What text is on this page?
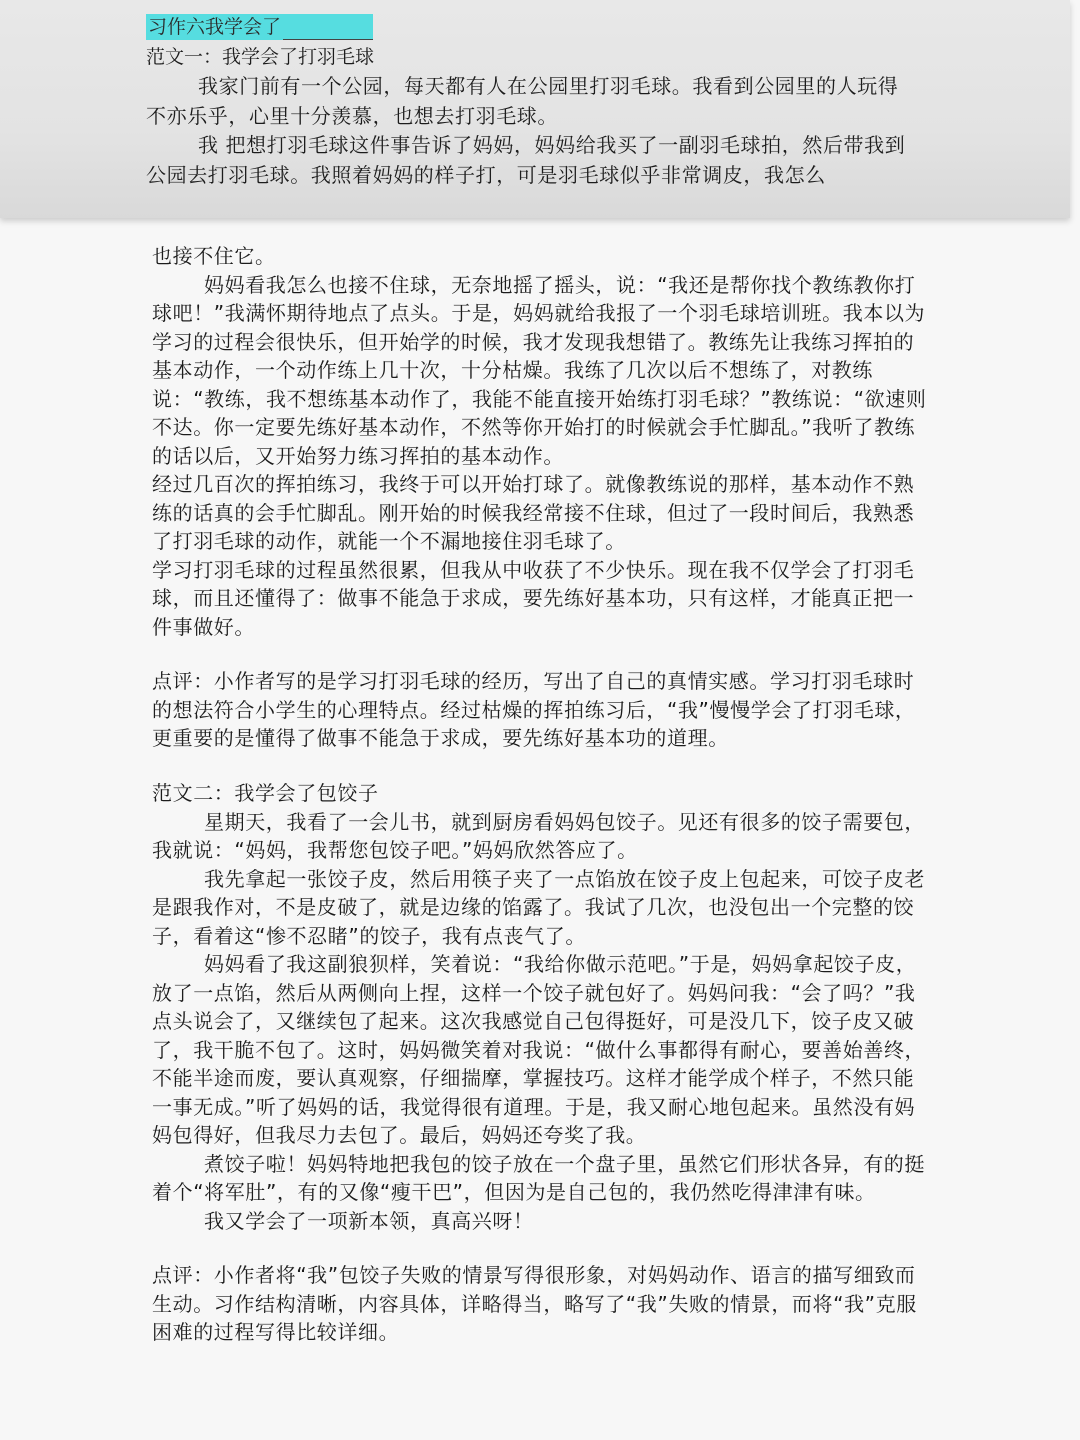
习作六我学会了
范文一：我学会了打羽毛球

我家门前有一个公园，每天都有人在公园里打羽毛球。我看到公园里的人玩得不亦乐乎，心里十分羡慕，也想去打羽毛球。

我 把想打羽毛球这件事告诉了妈妈，妈妈给我买了一副羽毛球拍，然后带我到公园去打羽毛球。我照着妈妈的样子打，可是羽毛球似乎非常调皮，我怎么

也接不住它。

妈妈看我怎么也接不住球，无奈地摇了摇头，说：“我还是帮你找个教练教你打球吧！”我满怀期待地点了点头。于是，妈妈就给我报了一个羽毛球培训班。我本以为学习的过程会很快乐，但开始学的时候，我才发现我想错了。教练先让我练习挥拍的基本动作，一个动作练上几十次，十分枯燥。我练了几次以后不想练了，对教练说：“教练，我不想练基本动作了，我能不能直接开始练打羽毛球？”教练说：“欲速则不达。你一定要先练好基本动作，不然等你开始打的时候就会手忙脚乱。”我听了教练的话以后，又开始努力练习挥拍的基本动作。

经过几百次的挥拍练习，我终于可以开始打球了。就像教练说的那样，基本动作不熟练的话真的会手忙脚乱。刚开始的时候我经常接不住球，但过了一段时间后，我熟悉了打羽毛球的动作，就能一个不漏地接住羽毛球了。

学习打羽毛球的过程虽然很累，但我从中收获了不少快乐。现在我不仅学会了打羽毛球，而且还懂得了：做事不能急于求成，要先练好基本功，只有这样，才能真正把一件事做好。

点评：小作者写的是学习打羽毛球的经历，写出了自己的真情实感。学习打羽毛球时的想法符合小学生的心理特点。经过枯燥的挥拍练习后，“我”慢慢学会了打羽毛球，更重要的是懂得了做事不能急于求成，要先练好基本功的道理。

范文二：我学会了包饺子

星期天，我看了一会儿书，就到厨房看妈妈包饺子。见还有很多的饺子需要包，我就说：“妈妈，我帮您包饺子吧。”妈妈欣然答应了。

我先拿起一张饺子皮，然后用筷子夹了一点馅放在饺子皮上包起来，可饺子皮老是跟我作对，不是皮破了，就是边缘的馅露了。我试了几次，也没包出一个完整的饺子，看着这“惨不忍睹”的饺子，我有点丧气了。

妈妈看了我这副狼狈样，笑着说：“我给你做示范吧。”于是，妈妈拿起饺子皮，放了一点馅，然后从两侧向上捏，这样一个饺子就包好了。妈妈问我：“会了吗？”我点头说会了，又继续包了起来。这次我感觉自己包得挺好，可是没几下，饺子皮又破了，我干脆不包了。这时，妈妈微笑着对我说：“做什么事都得有耐心，要善始善终，不能半途而废，要认真观察，仔细揣摩，掌握技巧。这样才能学成个样子，不然只能一事无成。”听了妈妈的话，我觉得很有道理。于是，我又耐心地包起来。虽然没有妈妈包得好，但我尽力去包了。最后，妈妈还夸奖了我。

煮饺子啦！妈妈特地把我包的饺子放在一个盘子里，虽然它们形状各异，有的挺着个“将军肚”，有的又像“瘦干巴”，但因为是自己包的，我仍然吃得津津有味。

我又学会了一项新本领，真高兴呀！

点评：小作者将“我”包饺子失败的情景写得很形象，对妈妈动作、语言的描写细致而生动。习作结构清晰，内容具体，详略得当，略写了“我”失败的情景，而将“我”克服困难的过程写得比较详细。
